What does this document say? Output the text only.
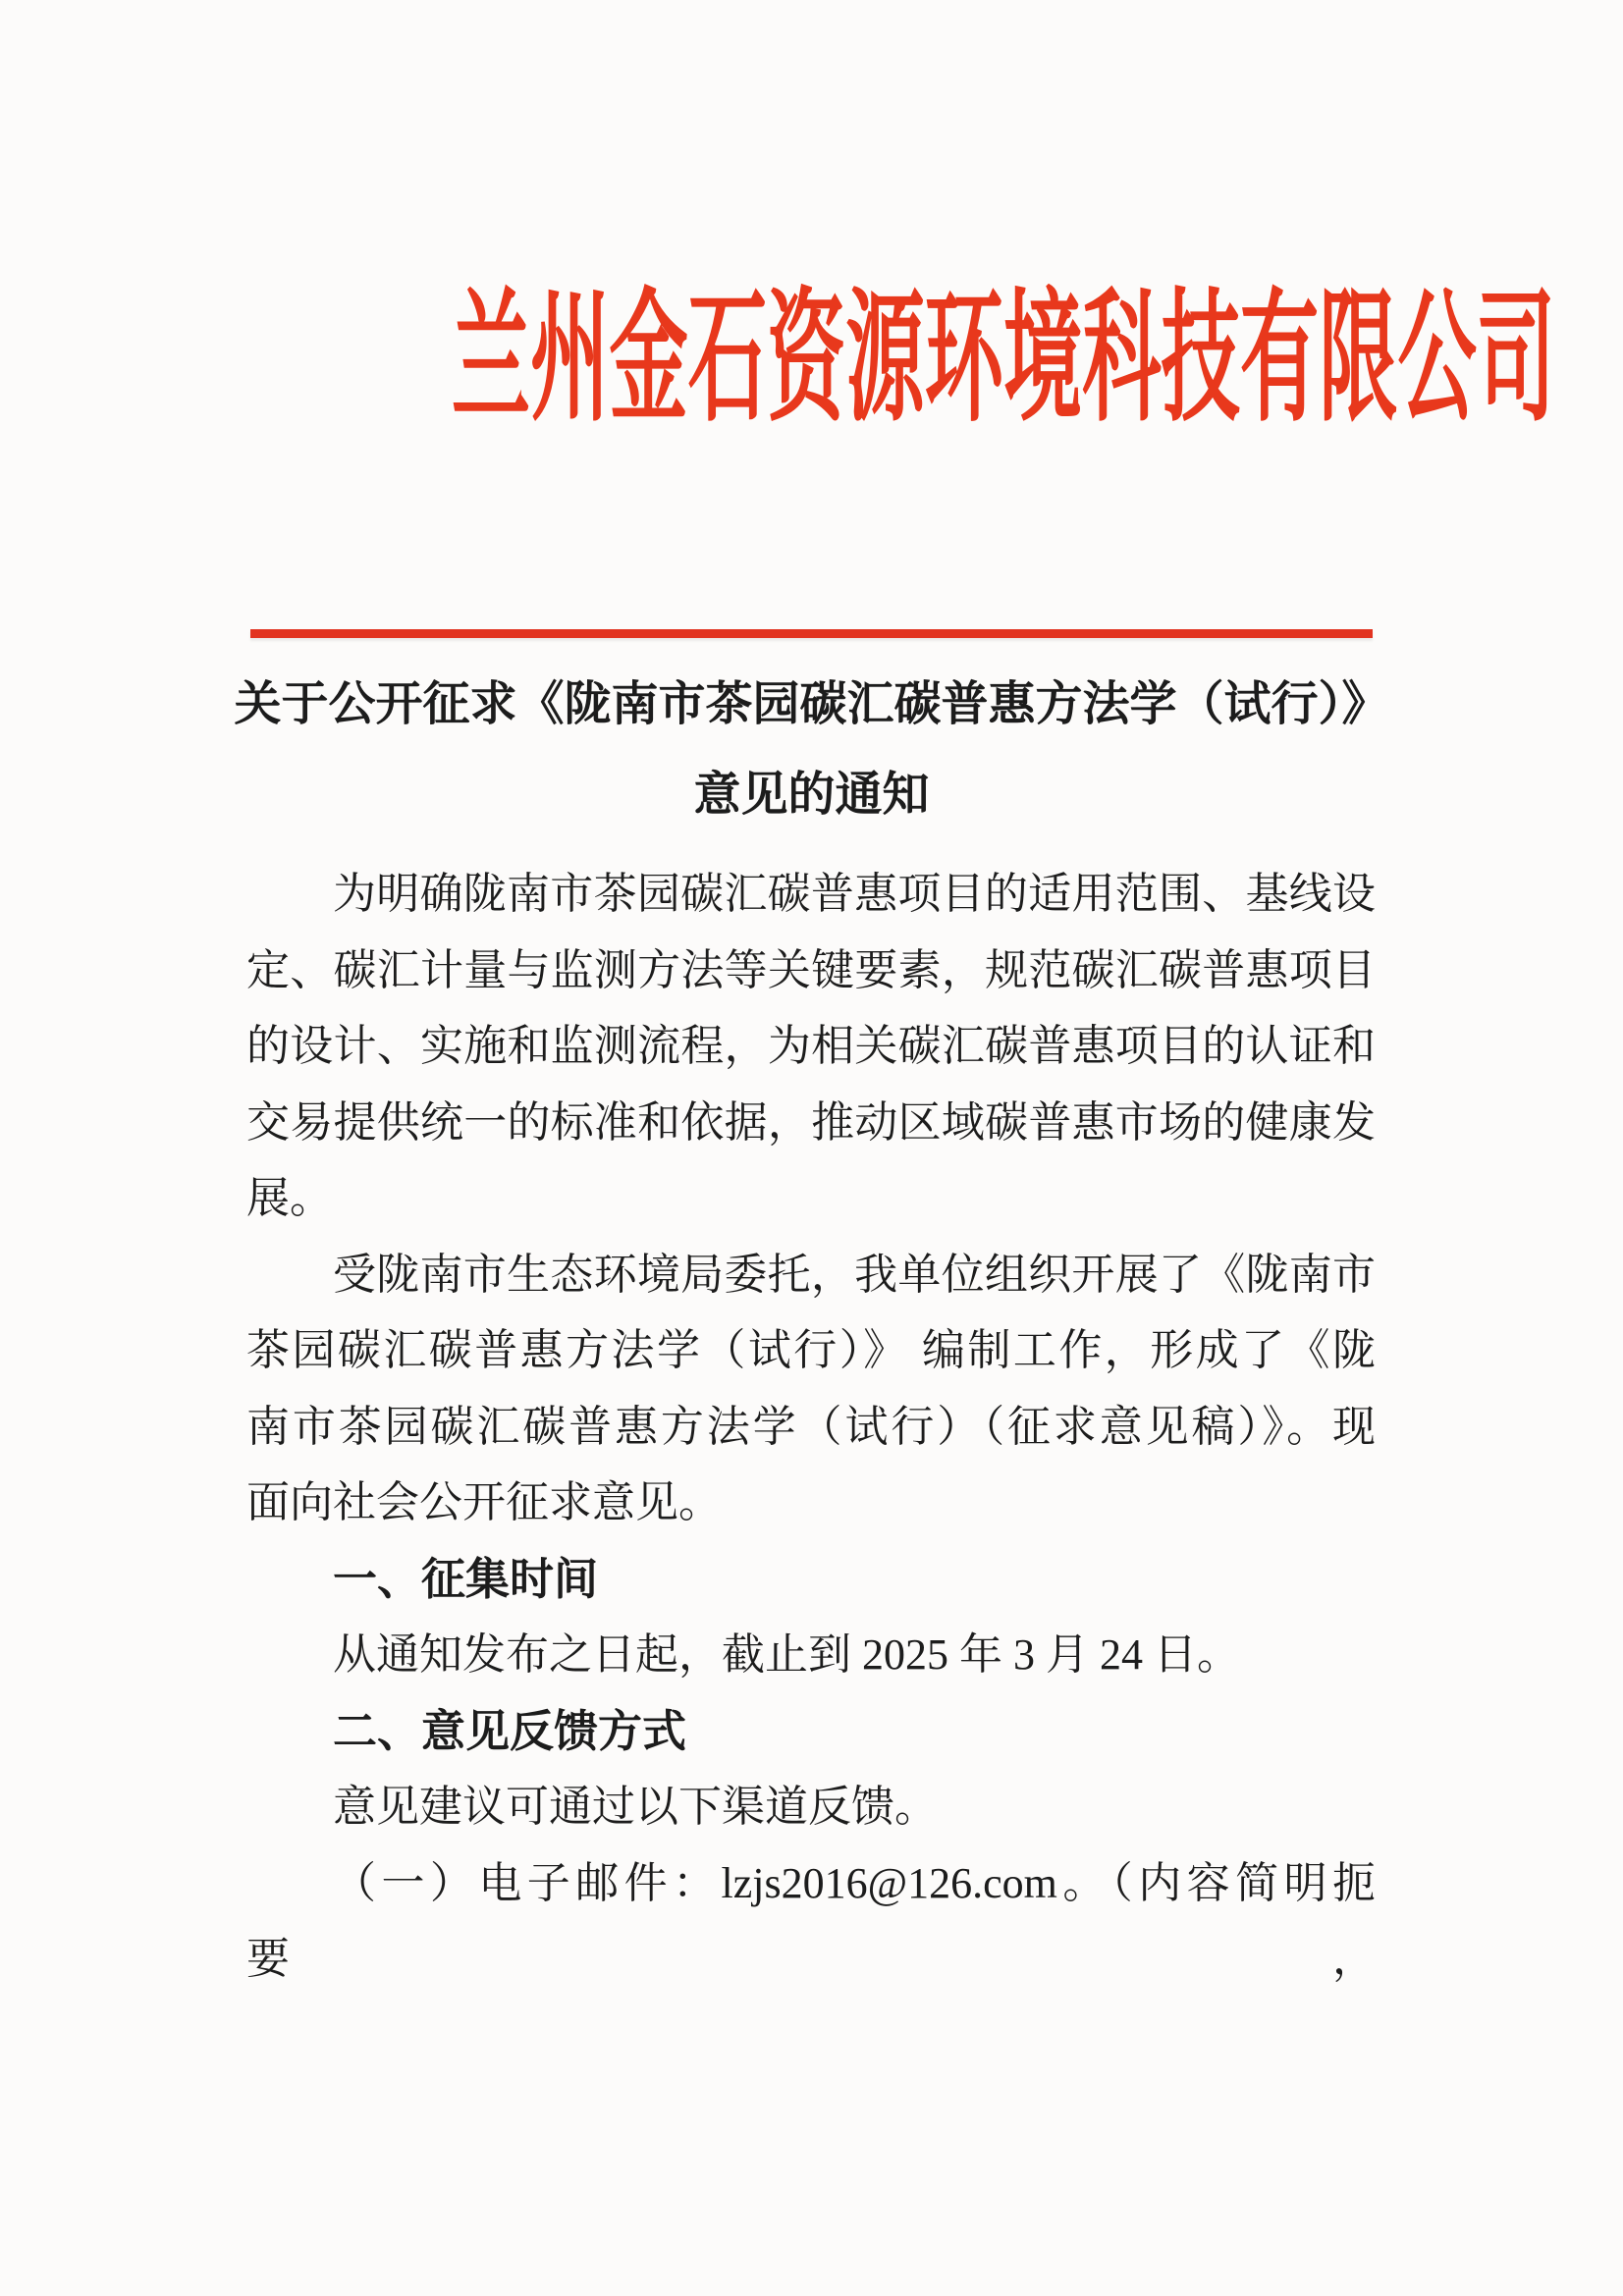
兰州金石资源环境科技有限公司
关于公开征求《陇南市茶园碳汇碳普惠方法学（试行）》
意见的通知
为明确陇南市茶园碳汇碳普惠项目的适用范围、基线设
定、碳汇计量与监测方法等关键要素，规范碳汇碳普惠项目
的设计、实施和监测流程，为相关碳汇碳普惠项目的认证和
交易提供统一的标准和依据，推动区域碳普惠市场的健康发
展。
受陇南市生态环境局委托，我单位组织开展了《陇南市
茶园碳汇碳普惠方法学（试行）》 编制工作，形成了《陇
南市茶园碳汇碳普惠方法学（试行）（征求意见稿）》。现
面向社会公开征求意见。
一、征集时间
从通知发布之日起，截止到 2025 年 3 月 24 日。
二、意见反馈方式
意见建议可通过以下渠道反馈。
（一）电子邮件：lzjs2016@126.com。（内容简明扼要，
